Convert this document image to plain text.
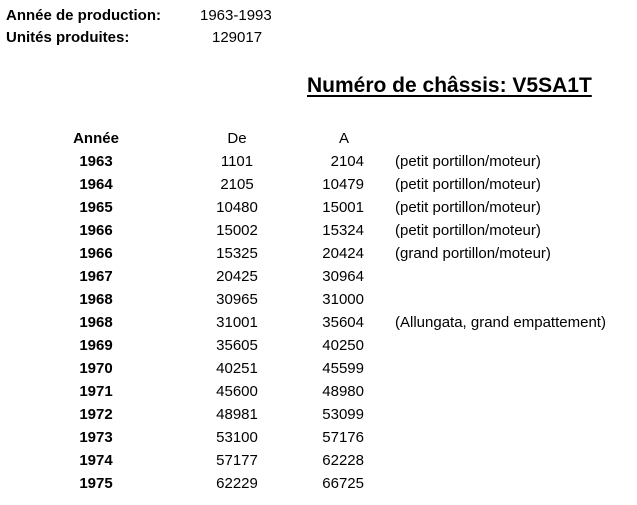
Année de production:	1963-1993
Unités produites:	129017
Numéro de châssis: V5SA1T
Année	De	A
1963	1101	2104 (petit portillon/moteur)
1964	2105	10479 (petit portillon/moteur)
1965	10480	15001 (petit portillon/moteur)
1966	15002	15324 (petit portillon/moteur)
1966	15325	20424 (grand portillon/moteur)
1967	20425	30964
1968	30965	31000
1968	31001	35604 (Allungata, grand empattement)
1969	35605	40250
1970	40251	45599
1971	45600	48980
1972	48981	53099
1973	53100	57176
1974	57177	62228
1975	62229	66725
